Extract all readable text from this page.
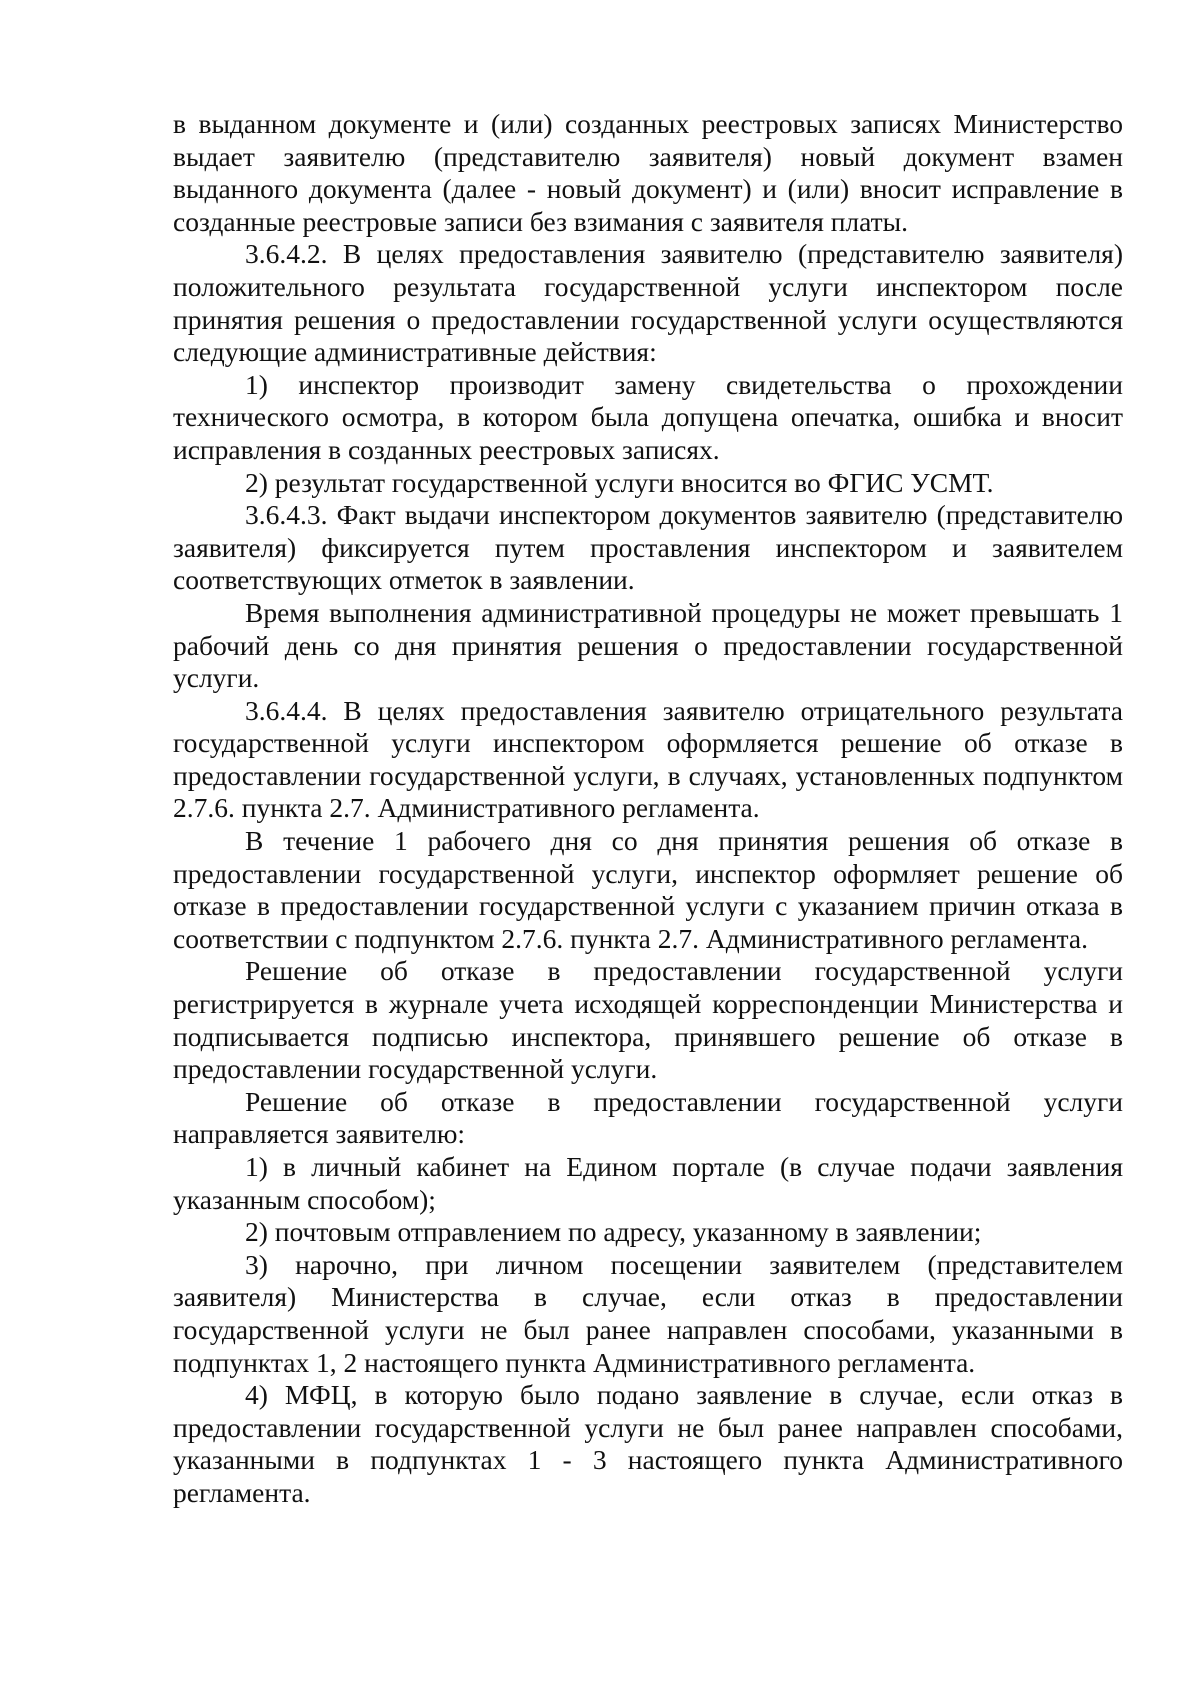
в выданном документе и (или) созданных реестровых записях Министерство выдает заявителю (представителю заявителя) новый документ взамен выданного документа (далее - новый документ) и (или) вносит исправление в созданные реестровые записи без взимания с заявителя платы.

3.6.4.2. В целях предоставления заявителю (представителю заявителя) положительного результата государственной услуги инспектором после принятия решения о предоставлении государственной услуги осуществляются следующие административные действия:

1) инспектор производит замену свидетельства о прохождении технического осмотра, в котором была допущена опечатка, ошибка и вносит исправления в созданных реестровых записях.

2) результат государственной услуги вносится во ФГИС УСМТ.

3.6.4.3. Факт выдачи инспектором документов заявителю (представителю заявителя) фиксируется путем проставления инспектором и заявителем соответствующих отметок в заявлении.

Время выполнения административной процедуры не может превышать 1 рабочий день со дня принятия решения о предоставлении государственной услуги.

3.6.4.4. В целях предоставления заявителю отрицательного результата государственной услуги инспектором оформляется решение об отказе в предоставлении государственной услуги, в случаях, установленных подпунктом 2.7.6. пункта 2.7. Административного регламента.

В течение 1 рабочего дня со дня принятия решения об отказе в предоставлении государственной услуги, инспектор оформляет решение об отказе в предоставлении государственной услуги с указанием причин отказа в соответствии с подпунктом 2.7.6. пункта 2.7. Административного регламента.

Решение об отказе в предоставлении государственной услуги регистрируется в журнале учета исходящей корреспонденции Министерства и подписывается подписью инспектора, принявшего решение об отказе в предоставлении государственной услуги.

Решение об отказе в предоставлении государственной услуги направляется заявителю:

1) в личный кабинет на Едином портале (в случае подачи заявления указанным способом);

2) почтовым отправлением по адресу, указанному в заявлении;

3) нарочно, при личном посещении заявителем (представителем заявителя) Министерства в случае, если отказ в предоставлении государственной услуги не был ранее направлен способами, указанными в подпунктах 1, 2 настоящего пункта Административного регламента.

4) МФЦ, в которую было подано заявление в случае, если отказ в предоставлении государственной услуги не был ранее направлен способами, указанными в подпунктах 1 - 3 настоящего пункта Административного регламента.
